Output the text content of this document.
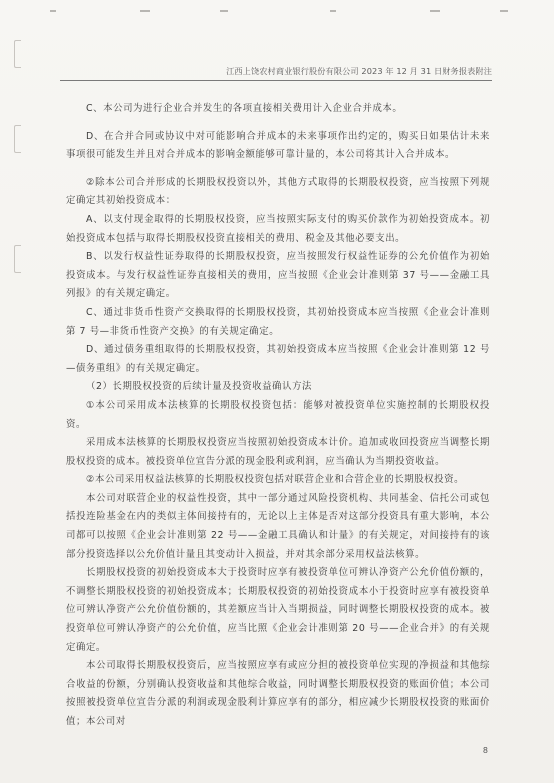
江西上饶农村商业银行股份有限公司 2023 年 12 月 31 日财务报表附注

C、本公司为进行企业合并发生的各项直接相关费用计入企业合并成本。

D、在合并合同或协议中对可能影响合并成本的未来事项作出约定的，购买日如果估计未来事项很可能发生并且对合并成本的影响金额能够可靠计量的，本公司将其计入合并成本。

②除本公司合并形成的长期股权投资以外，其他方式取得的长期股权投资，应当按照下列规定确定其初始投资成本：

A、以支付现金取得的长期股权投资，应当按照实际支付的购买价款作为初始投资成本。初始投资成本包括与取得长期股权投资直接相关的费用、税金及其他必要支出。

B、以发行权益性证券取得的长期股权投资，应当按照发行权益性证券的公允价值作为初始投资成本。与发行权益性证券直接相关的费用，应当按照《企业会计准则第 37 号——金融工具列报》的有关规定确定。

C、通过非货币性资产交换取得的长期股权投资，其初始投资成本应当按照《企业会计准则第 7 号—非货币性资产交换》的有关规定确定。

D、通过债务重组取得的长期股权投资，其初始投资成本应当按照《企业会计准则第 12 号—债务重组》的有关规定确定。

（2）长期股权投资的后续计量及投资收益确认方法

①本公司采用成本法核算的长期股权投资包括：能够对被投资单位实施控制的长期股权投资。

采用成本法核算的长期股权投资应当按照初始投资成本计价。追加或收回投资应当调整长期股权投资的成本。被投资单位宣告分派的现金股利或利润，应当确认为当期投资收益。

②本公司采用权益法核算的长期股权投资包括对联营企业和合营企业的长期股权投资。

本公司对联营企业的权益性投资，其中一部分通过风险投资机构、共同基金、信托公司或包括投连险基金在内的类似主体间接持有的，无论以上主体是否对这部分投资具有重大影响，本公司都可以按照《企业会计准则第 22 号——金融工具确认和计量》的有关规定，对间接持有的该部分投资选择以公允价值计量且其变动计入损益，并对其余部分采用权益法核算。

长期股权投资的初始投资成本大于投资时应享有被投资单位可辨认净资产公允价值份额的，不调整长期股权投资的初始投资成本；长期股权投资的初始投资成本小于投资时应享有被投资单位可辨认净资产公允价值份额的，其差额应当计入当期损益，同时调整长期股权投资的成本。被投资单位可辨认净资产的公允价值，应当比照《企业会计准则第 20 号——企业合并》的有关规定确定。

本公司取得长期股权投资后，应当按照应享有或应分担的被投资单位实现的净损益和其他综合收益的份额，分别确认投资收益和其他综合收益，同时调整长期股权投资的账面价值；本公司按照被投资单位宣告分派的利润或现金股利计算应享有的部分，相应减少长期股权投资的账面价值；本公司对

8
